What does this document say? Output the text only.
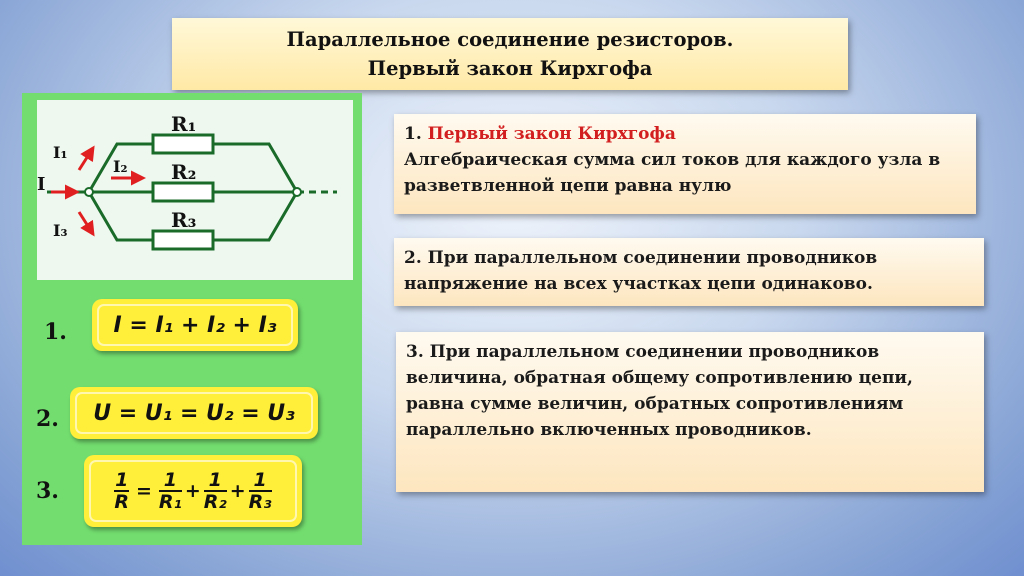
Параллельное соединение резисторов.
Первый закон Кирхгофа
I
I₁
I₂
I₃
R₁
R₂
R₃
1. I = I₁ + I₂ + I₃
2. U = U₁ = U₂ = U₃
3.	$\frac{1}{R} = \frac{1}{\text{R₁}} + \frac{1}{\text{R₂}} + \frac{1}{\text{R₃}}$
1. Первый закон Кирхгофа
Алгебраическая сумма сил токов для каждого узла в разветвленной цепи равна нулю
2. При параллельном соединении проводников напряжение на всех участках цепи одинаково.
3. При параллельном соединении проводников величина, обратная общему сопротивлению цепи, равна сумме величин, обратных сопротивлениям параллельно включенных проводников.
